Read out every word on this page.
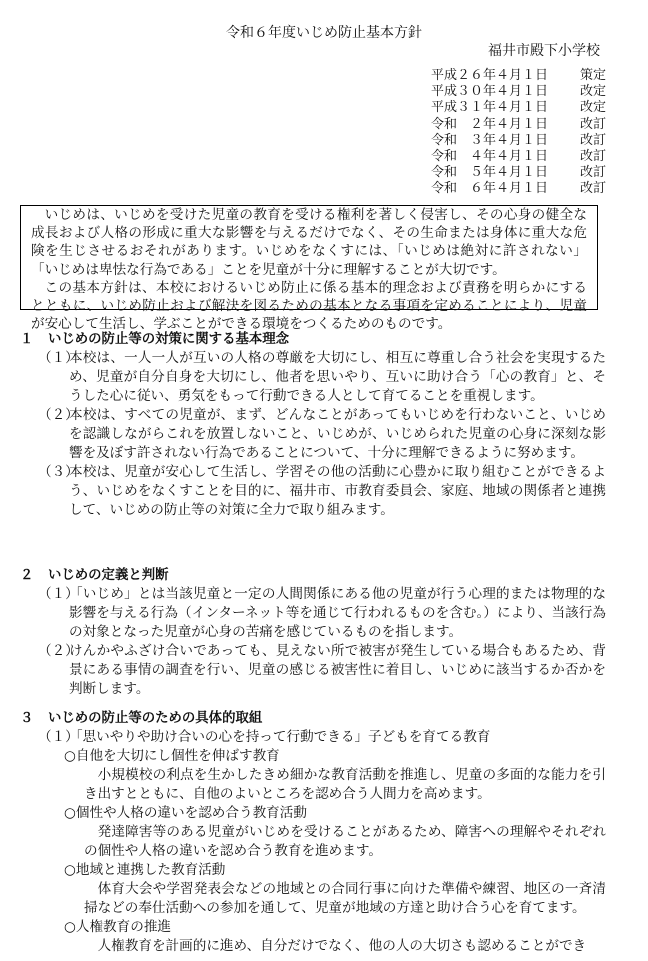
令和６年度いじめ防止基本方針
福井市殿下小学校
平成２６年４月１日 策定
平成３０年４月１日 改定
平成３１年４月１日 改定
令和　２年４月１日 改訂
令和　３年４月１日 改訂
令和　４年４月１日 改訂
令和　５年４月１日 改訂
令和　６年４月１日 改訂

いじめは、いじめを受けた児童の教育を受ける権利を著しく侵害し、その心身の健全な成長および人格の形成に重大な影響を与えるだけでなく、その生命または身体に重大な危険を生じさせるおそれがあります。いじめをなくすには、「いじめは絶対に許されない」「いじめは卑怯な行為である」ことを児童が十分に理解することが大切です。

この基本方針は、本校におけるいじめ防止に係る基本的理念および責務を明らかにするとともに、いじめ防止および解決を図るための基本となる事項を定めることにより、児童が安心して生活し、学ぶことができる環境をつくるためのものです。

１ いじめの防止等の対策に関する基本理念
（１）
本校は、一人一人が互いの人格の尊厳を大切にし、相互に尊重し合う社会を実現するため、児童が自分自身を大切にし、他者を思いやり、互いに助け合う「心の教育」と、そうした心に従い、勇気をもって行動できる人として育てることを重視します。
（２）
本校は、すべての児童が、まず、どんなことがあってもいじめを行わないこと、いじめを認識しながらこれを放置しないこと、いじめが、いじめられた児童の心身に深刻な影響を及ぼす許されない行為であることについて、十分に理解できるように努めます。
（３）
本校は、児童が安心して生活し、学習その他の活動に心豊かに取り組むことができるよう、いじめをなくすことを目的に、福井市、市教育委員会、家庭、地域の関係者と連携して、いじめの防止等の対策に全力で取り組みます。
２ いじめの定義と判断
（１）
「いじめ」とは当該児童と一定の人間関係にある他の児童が行う心理的または物理的な影響を与える行為（インターネット等を通じて行われるものを含む。）により、当該行為の対象となった児童が心身の苦痛を感じているものを指します。
（２）
けんかやふざけ合いであっても、見えない所で被害が発生している場合もあるため、背景にある事情の調査を行い、児童の感じる被害性に着目し、いじめに該当するか否かを判断します。
３ いじめの防止等のための具体的取組
（１）
「思いやりや助け合いの心を持って行動できる」子どもを育てる教育
○自他を大切にし個性を伸ばす教育
小規模校の利点を生かしたきめ細かな教育活動を推進し、児童の多面的な能力を引き出すとともに、自他のよいところを認め合う人間力を高めます。
○個性や人格の違いを認め合う教育活動
発達障害等のある児童がいじめを受けることがあるため、障害への理解やそれぞれの個性や人格の違いを認め合う教育を進めます。
○地域と連携した教育活動
体育大会や学習発表会などの地域との合同行事に向けた準備や練習、地区の一斉清掃などの奉仕活動への参加を通して、児童が地域の方達と助け合う心を育てます。
○人権教育の推進
人権教育を計画的に進め、自分だけでなく、他の人の大切さも認めることができ
